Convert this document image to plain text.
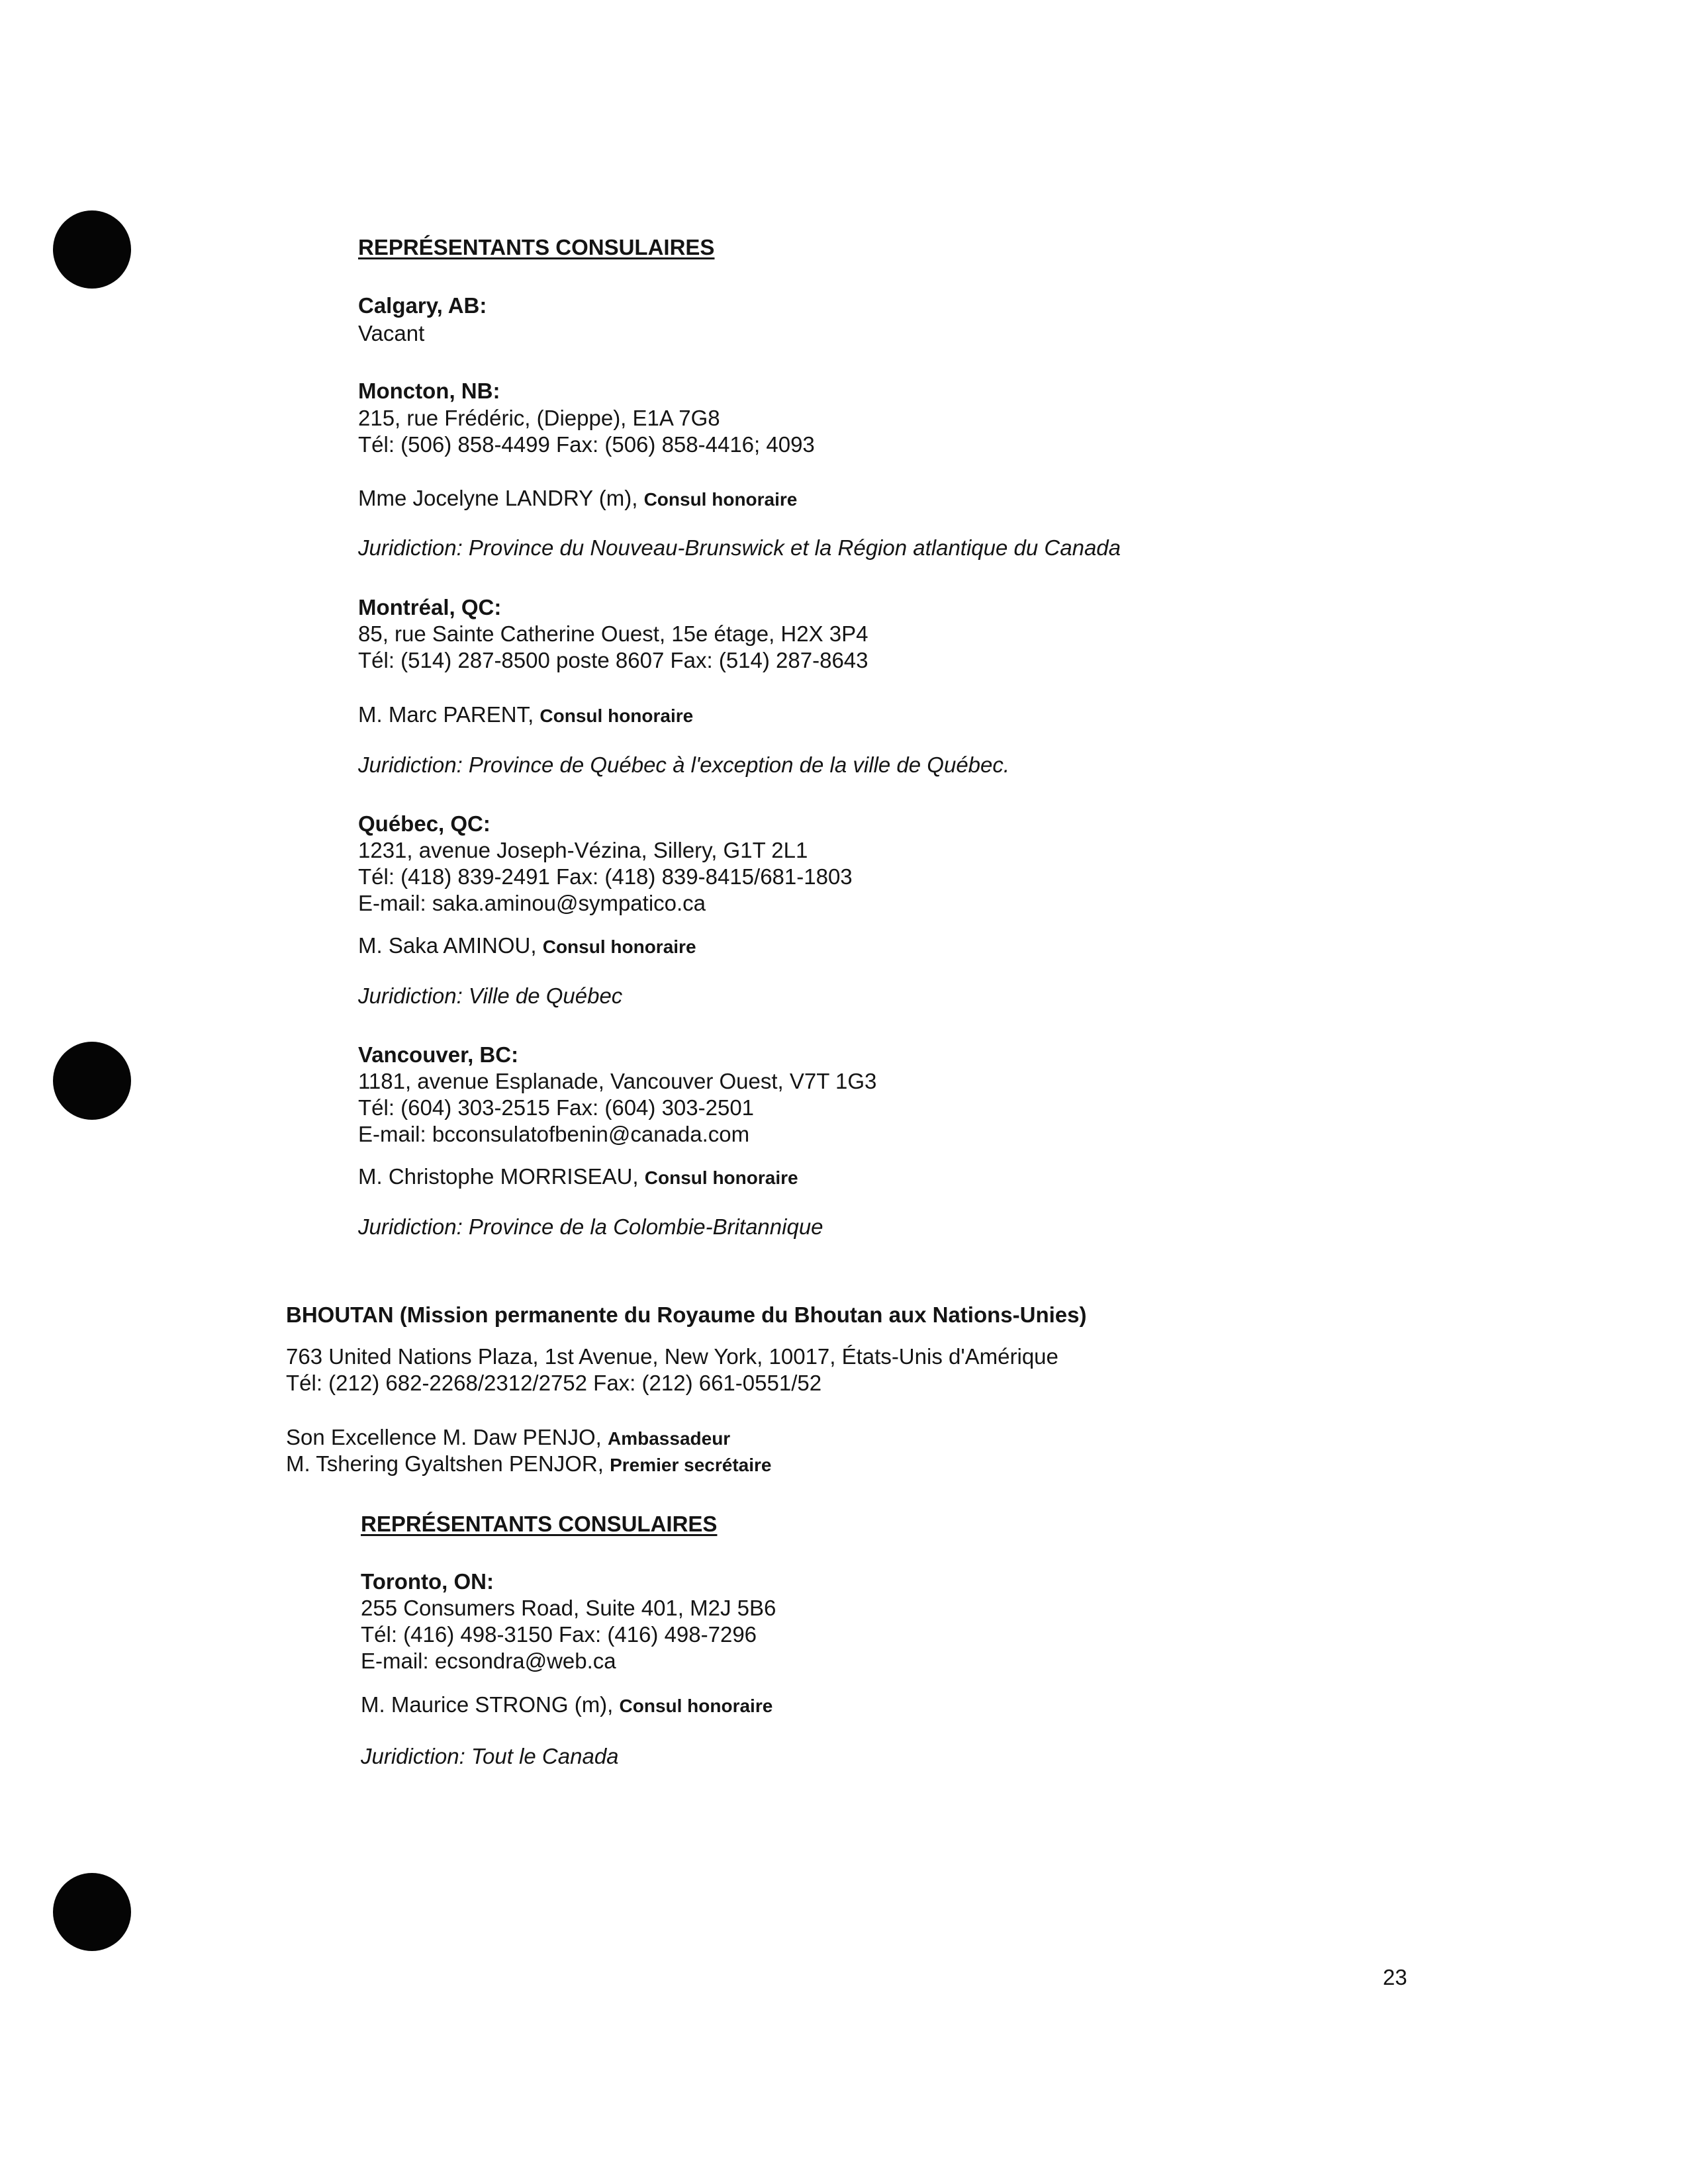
REPRÉSENTANTS CONSULAIRES
Calgary, AB:
Vacant
Moncton, NB:
215, rue Frédéric, (Dieppe), E1A 7G8
Tél: (506) 858-4499 Fax: (506) 858-4416; 4093
Mme Jocelyne LANDRY (m), Consul honoraire
Juridiction: Province du Nouveau-Brunswick et la Région atlantique du Canada
Montréal, QC:
85, rue Sainte Catherine Ouest, 15e étage, H2X 3P4
Tél: (514) 287-8500 poste 8607 Fax: (514) 287-8643
M. Marc PARENT, Consul honoraire
Juridiction: Province de Québec à l'exception de la ville de Québec.
Québec, QC:
1231, avenue Joseph-Vézina, Sillery, G1T 2L1
Tél: (418) 839-2491 Fax: (418) 839-8415/681-1803
E-mail: saka.aminou@sympatico.ca
M. Saka AMINOU, Consul honoraire
Juridiction: Ville de Québec
Vancouver, BC:
1181, avenue Esplanade, Vancouver Ouest, V7T 1G3
Tél: (604) 303-2515 Fax: (604) 303-2501
E-mail: bcconsulatofbenin@canada.com
M. Christophe MORRISEAU, Consul honoraire
Juridiction: Province de la Colombie-Britannique
BHOUTAN (Mission permanente du Royaume du Bhoutan aux Nations-Unies)
763 United Nations Plaza, 1st Avenue, New York, 10017, États-Unis d'Amérique
Tél: (212) 682-2268/2312/2752 Fax: (212) 661-0551/52
Son Excellence M. Daw PENJO, Ambassadeur
M. Tshering Gyaltshen PENJOR, Premier secrétaire
REPRÉSENTANTS CONSULAIRES
Toronto, ON:
255 Consumers Road, Suite 401, M2J 5B6
Tél: (416) 498-3150 Fax: (416) 498-7296
E-mail: ecsondra@web.ca
M. Maurice STRONG (m), Consul honoraire
Juridiction: Tout le Canada
23
